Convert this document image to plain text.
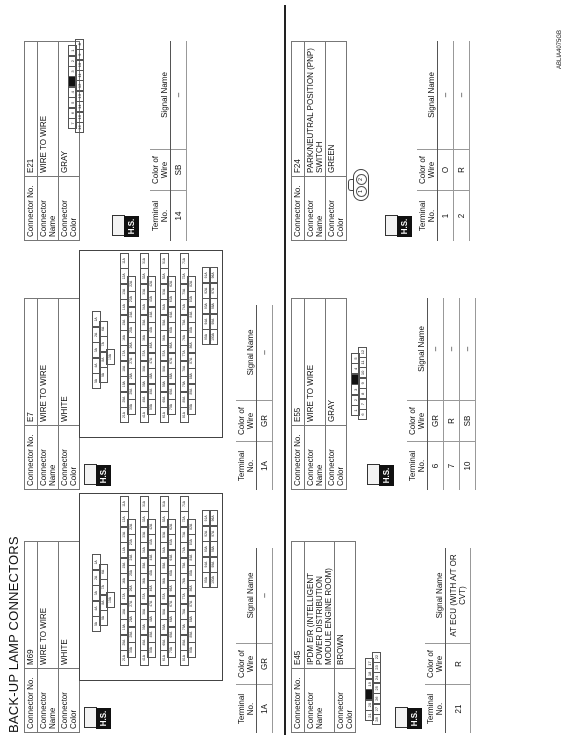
BACK-UP LAMP CONNECTORS
ABLIA4075GB
Connector No.	M69
Connector Name	WIRE TO WIRE
Connector Color	WHITE
H.S.
5A
4A
3A
2A
1A
9A
8A
7A
6A
10A
21A
20A
19A
18A
17A
16A
15A
14A
13A
12A
11A
30A
29A
28A
27A
26A
25A
24A
23A
22A
41A
40A
39A
38A
37A
36A
35A
34A
33A
32A
31A
50A
49A
48A
47A
46A
45A
44A
43A
42A
61A
60A
59A
58A
57A
56A
55A
54A
53A
52A
51A
70A
69A
68A
67A
66A
65A
64A
63A
62A
81A
80A
79A
78A
77A
76A
75A
74A
73A
72A
71A
90A
89A
88A
87A
86A
85A
84A
83A
82A
95A
94A
93A
92A
91A
100A
99A
98A
97A
96A
Terminal No.	Color of Wire	Signal Name
1A	GR	–
Connector No.	E7
Connector Name	WIRE TO WIRE
Connector Color	WHITE
H.S.
5A
4A
3A
2A
1A
9A
8A
7A
6A
10A
21A
20A
19A
18A
17A
16A
15A
14A
13A
12A
11A
30A
29A
28A
27A
26A
25A
24A
23A
22A
41A
40A
39A
38A
37A
36A
35A
34A
33A
32A
31A
50A
49A
48A
47A
46A
45A
44A
43A
42A
61A
60A
59A
58A
57A
56A
55A
54A
53A
52A
51A
70A
69A
68A
67A
66A
65A
64A
63A
62A
81A
80A
79A
78A
77A
76A
75A
74A
73A
72A
71A
90A
89A
88A
87A
86A
85A
84A
83A
82A
95A
94A
93A
92A
91A
100A
99A
98A
97A
96A
Terminal No.	Color of Wire	Signal Name
1A	GR	–
Connector No.	E21
Connector Name	WIRE TO WIRE
Connector Color	GRAY
7
6
5
4
3
2
1
16
15
14
13
12
11
10
9
8
H.S.	Terminal No.	Color of Wire	Signal Name
14	SB	–
Connector No.	E45
Connector Name	IPDM E/R (INTELLIGENT POWER DISTRIBUTION MODULE ENGINE ROOM)
Connector Color	BROWN
21
20
19
18
17
28
27
26
25
24
23
22
H.S. Terminal No.	Color of Wire	Signal Name
21	R	AT ECU (WITH A/T OR CVT)
Connector No.	E55
Connector Name	WIRE TO WIRE
Connector Color	GRAY
H.S.
1
2
3
4
5
6
7
8
9
10
11
12
Terminal No.	Color of Wire	Signal Name
6	GR	–
7	R	–
10	SB	–
Connector No.	F24
Connector Name	PARK/NEUTRAL POSITION (PNP) SWITCH
Connector Color	GREEN
1
2
H.S.	Terminal No.	Color of Wire	Signal Name
1	O	–
2	R	–
